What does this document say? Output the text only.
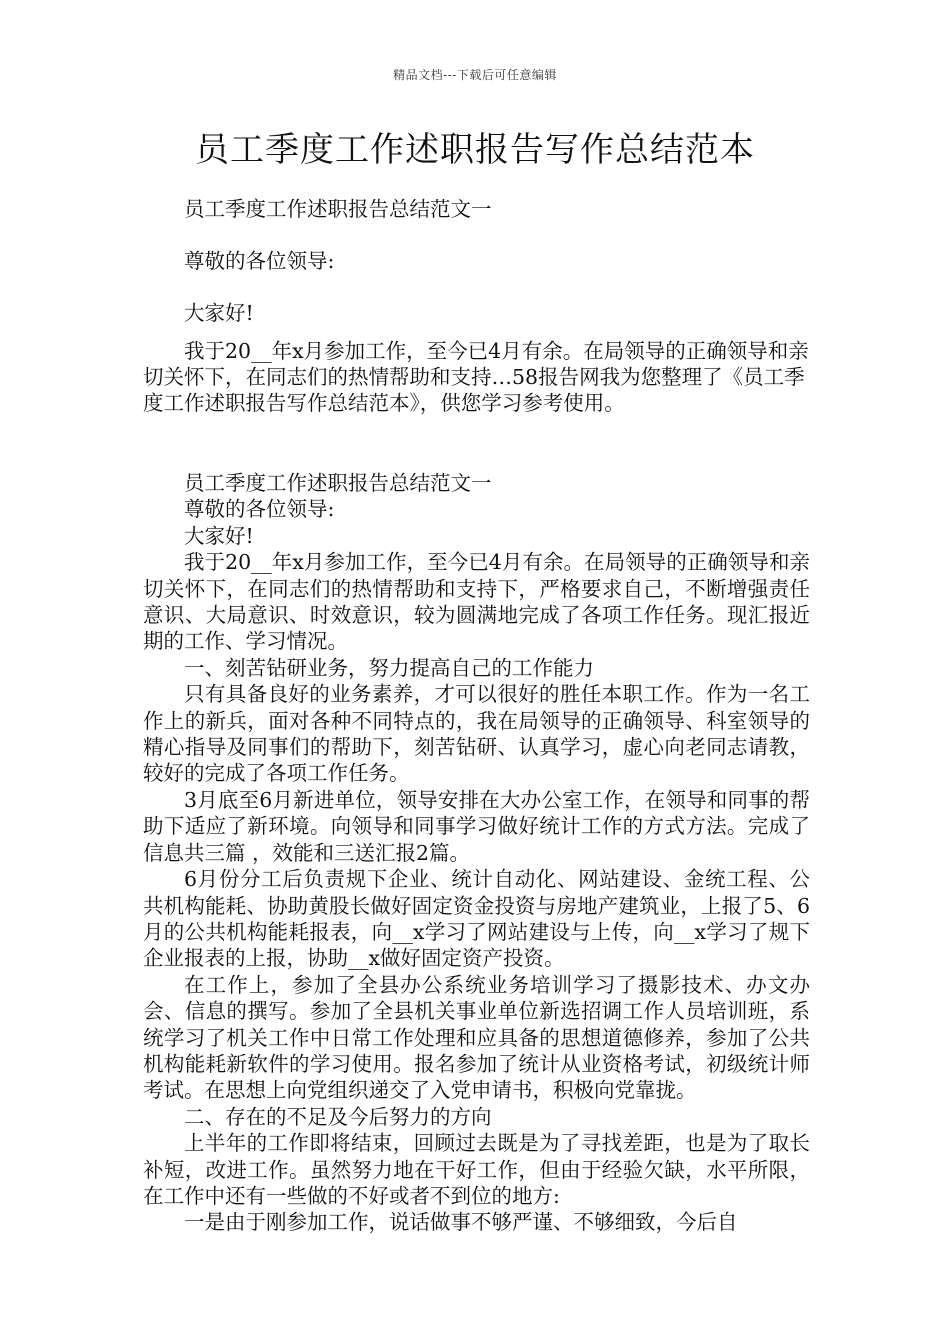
精品文档---下载后可任意编辑
员工季度工作述职报告写作总结范本

员工季度工作述职报告总结范文一

尊敬的各位领导:

大家好!

我于20__年x月参加工作，至今已4月有余。在局领导的正确领导和亲切关怀下，在同志们的热情帮助和支持…58报告网我为您整理了《员工季度工作述职报告写作总结范本》，供您学习参考使用。

员工季度工作述职报告总结范文一

尊敬的各位领导:

大家好!

我于20__年x月参加工作，至今已4月有余。在局领导的正确领导和亲切关怀下，在同志们的热情帮助和支持下，严格要求自己，不断增强责任意识、大局意识、时效意识，较为圆满地完成了各项工作任务。现汇报近期的工作、学习情况。

一、刻苦钻研业务，努力提高自己的工作能力

只有具备良好的业务素养，才可以很好的胜任本职工作。作为一名工作上的新兵，面对各种不同特点的，我在局领导的正确领导、科室领导的精心指导及同事们的帮助下，刻苦钻研、认真学习，虚心向老同志请教，较好的完成了各项工作任务。

3月底至6月新进单位，领导安排在大办公室工作，在领导和同事的帮助下适应了新环境。向领导和同事学习做好统计工作的方式方法。完成了信息共三篇 ，效能和三送汇报2篇。

6月份分工后负责规下企业、统计自动化、网站建设、金统工程、公共机构能耗、协助黄股长做好固定资金投资与房地产建筑业，上报了5、6月的公共机构能耗报表，向__x学习了网站建设与上传，向__x学习了规下企业报表的上报，协助__x做好固定资产投资。

在工作上，参加了全县办公系统业务培训学习了摄影技术、办文办会、信息的撰写。参加了全县机关事业单位新选招调工作人员培训班，系统学习了机关工作中日常工作处理和应具备的思想道德修养，参加了公共机构能耗新软件的学习使用。报名参加了统计从业资格考试，初级统计师考试。在思想上向党组织递交了入党申请书，积极向党靠拢。

二、存在的不足及今后努力的方向

上半年的工作即将结束，回顾过去既是为了寻找差距，也是为了取长补短，改进工作。虽然努力地在干好工作，但由于经验欠缺，水平所限，在工作中还有一些做的不好或者不到位的地方:

一是由于刚参加工作，说话做事不够严谨、不够细致，今后自
